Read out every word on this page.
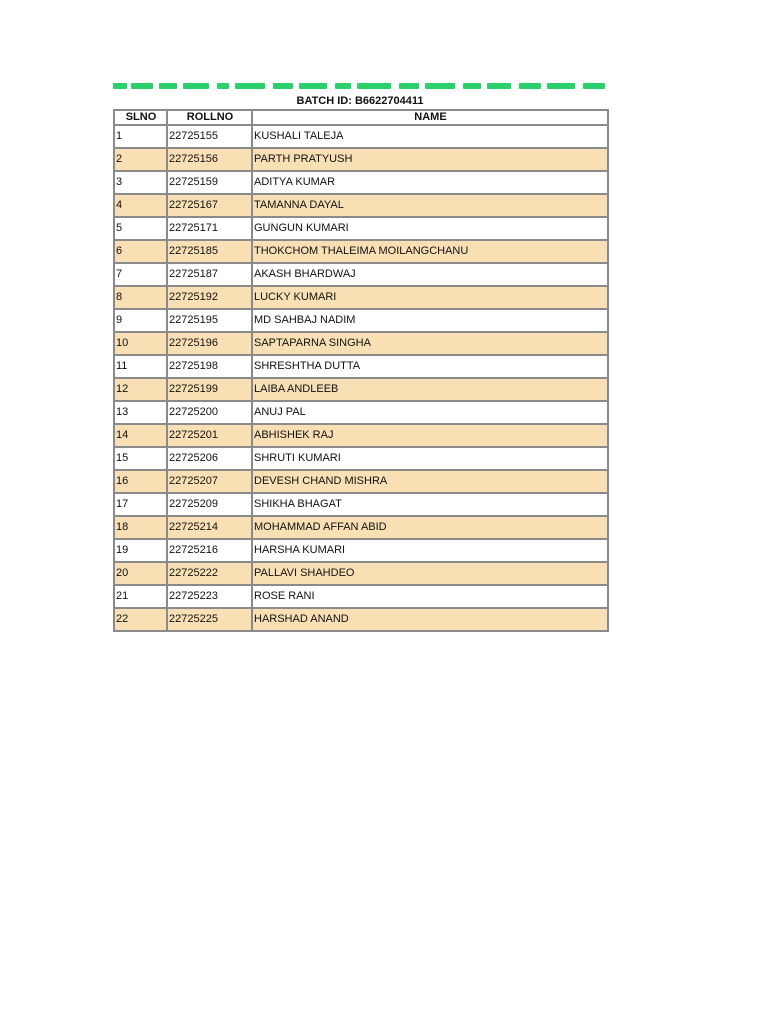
BATCH ID: B6622704411
SLNO	ROLLNO	NAME
1	22725155	KUSHALI TALEJA
2	22725156	PARTH PRATYUSH
3	22725159	ADITYA KUMAR
4	22725167	TAMANNA DAYAL
5	22725171	GUNGUN KUMARI
6	22725185	THOKCHOM THALEIMA MOILANGCHANU
7	22725187	AKASH BHARDWAJ
8	22725192	LUCKY KUMARI
9	22725195	MD SAHBAJ NADIM
10	22725196	SAPTAPARNA SINGHA
11	22725198	SHRESHTHA DUTTA
12	22725199	LAIBA ANDLEEB
13	22725200	ANUJ PAL
14	22725201	ABHISHEK RAJ
15	22725206	SHRUTI KUMARI
16	22725207	DEVESH CHAND MISHRA
17	22725209	SHIKHA BHAGAT
18	22725214	MOHAMMAD AFFAN ABID
19	22725216	HARSHA KUMARI
20	22725222	PALLAVI SHAHDEO
21	22725223	ROSE RANI
22	22725225	HARSHAD ANAND
